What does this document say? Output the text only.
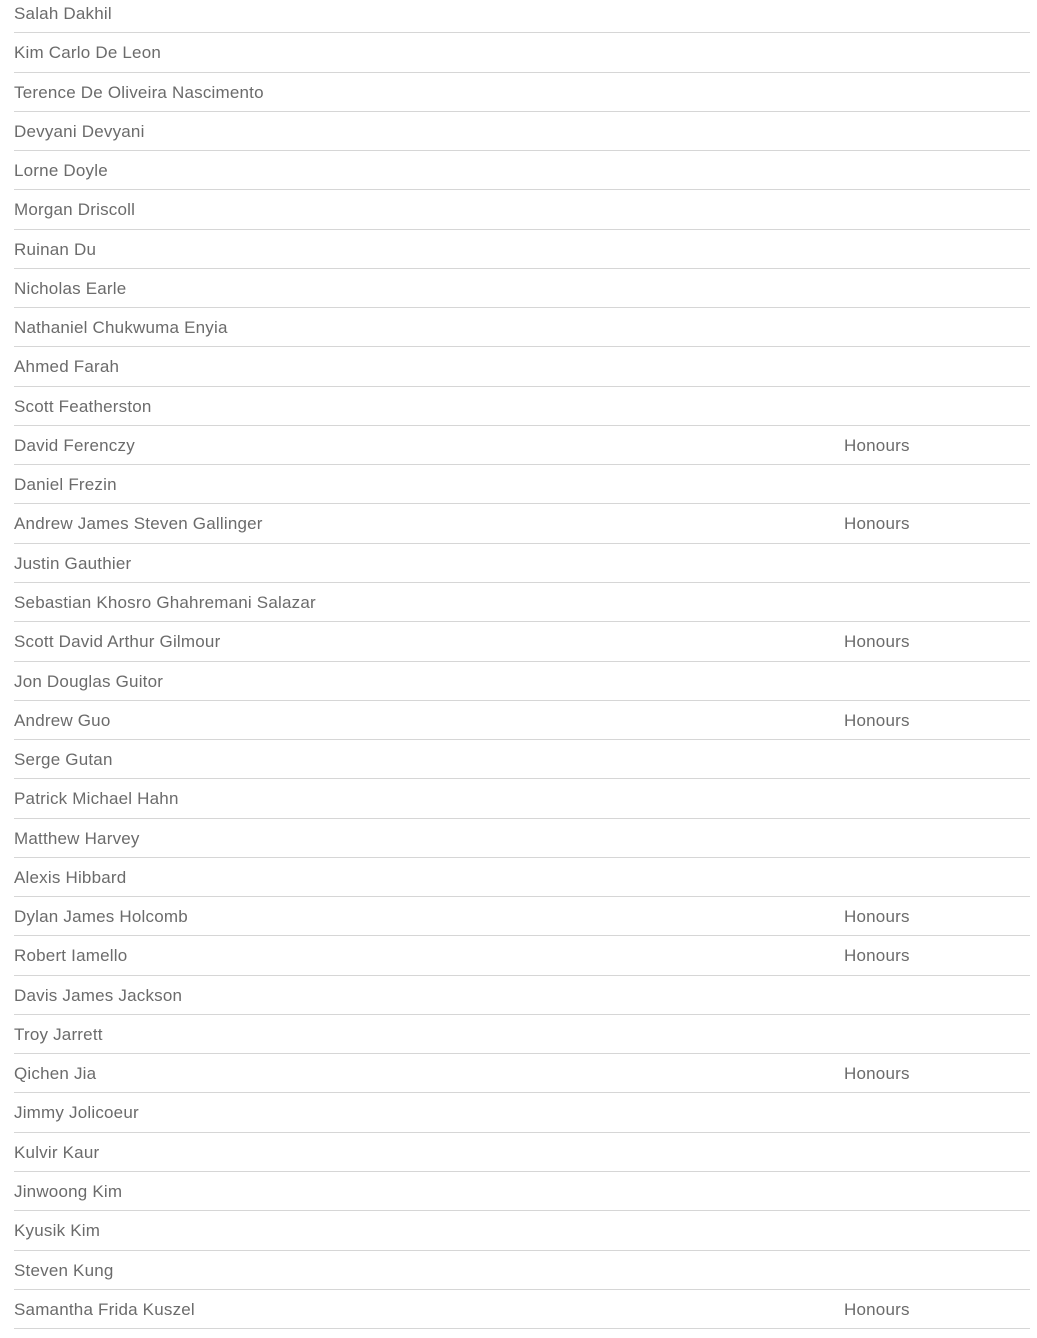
Salah Dakhil
Kim Carlo De Leon
Terence De Oliveira Nascimento
Devyani Devyani
Lorne Doyle
Morgan Driscoll
Ruinan Du
Nicholas Earle
Nathaniel Chukwuma Enyia
Ahmed Farah
Scott Featherston
David Ferenczy	Honours
Daniel Frezin
Andrew James Steven Gallinger	Honours
Justin Gauthier
Sebastian Khosro Ghahremani Salazar
Scott David Arthur Gilmour	Honours
Jon Douglas Guitor
Andrew Guo	Honours
Serge Gutan
Patrick Michael Hahn
Matthew Harvey
Alexis Hibbard
Dylan James Holcomb	Honours
Robert Iamello	Honours
Davis James Jackson
Troy Jarrett
Qichen Jia	Honours
Jimmy Jolicoeur
Kulvir Kaur
Jinwoong Kim
Kyusik Kim
Steven Kung
Samantha Frida Kuszel	Honours
